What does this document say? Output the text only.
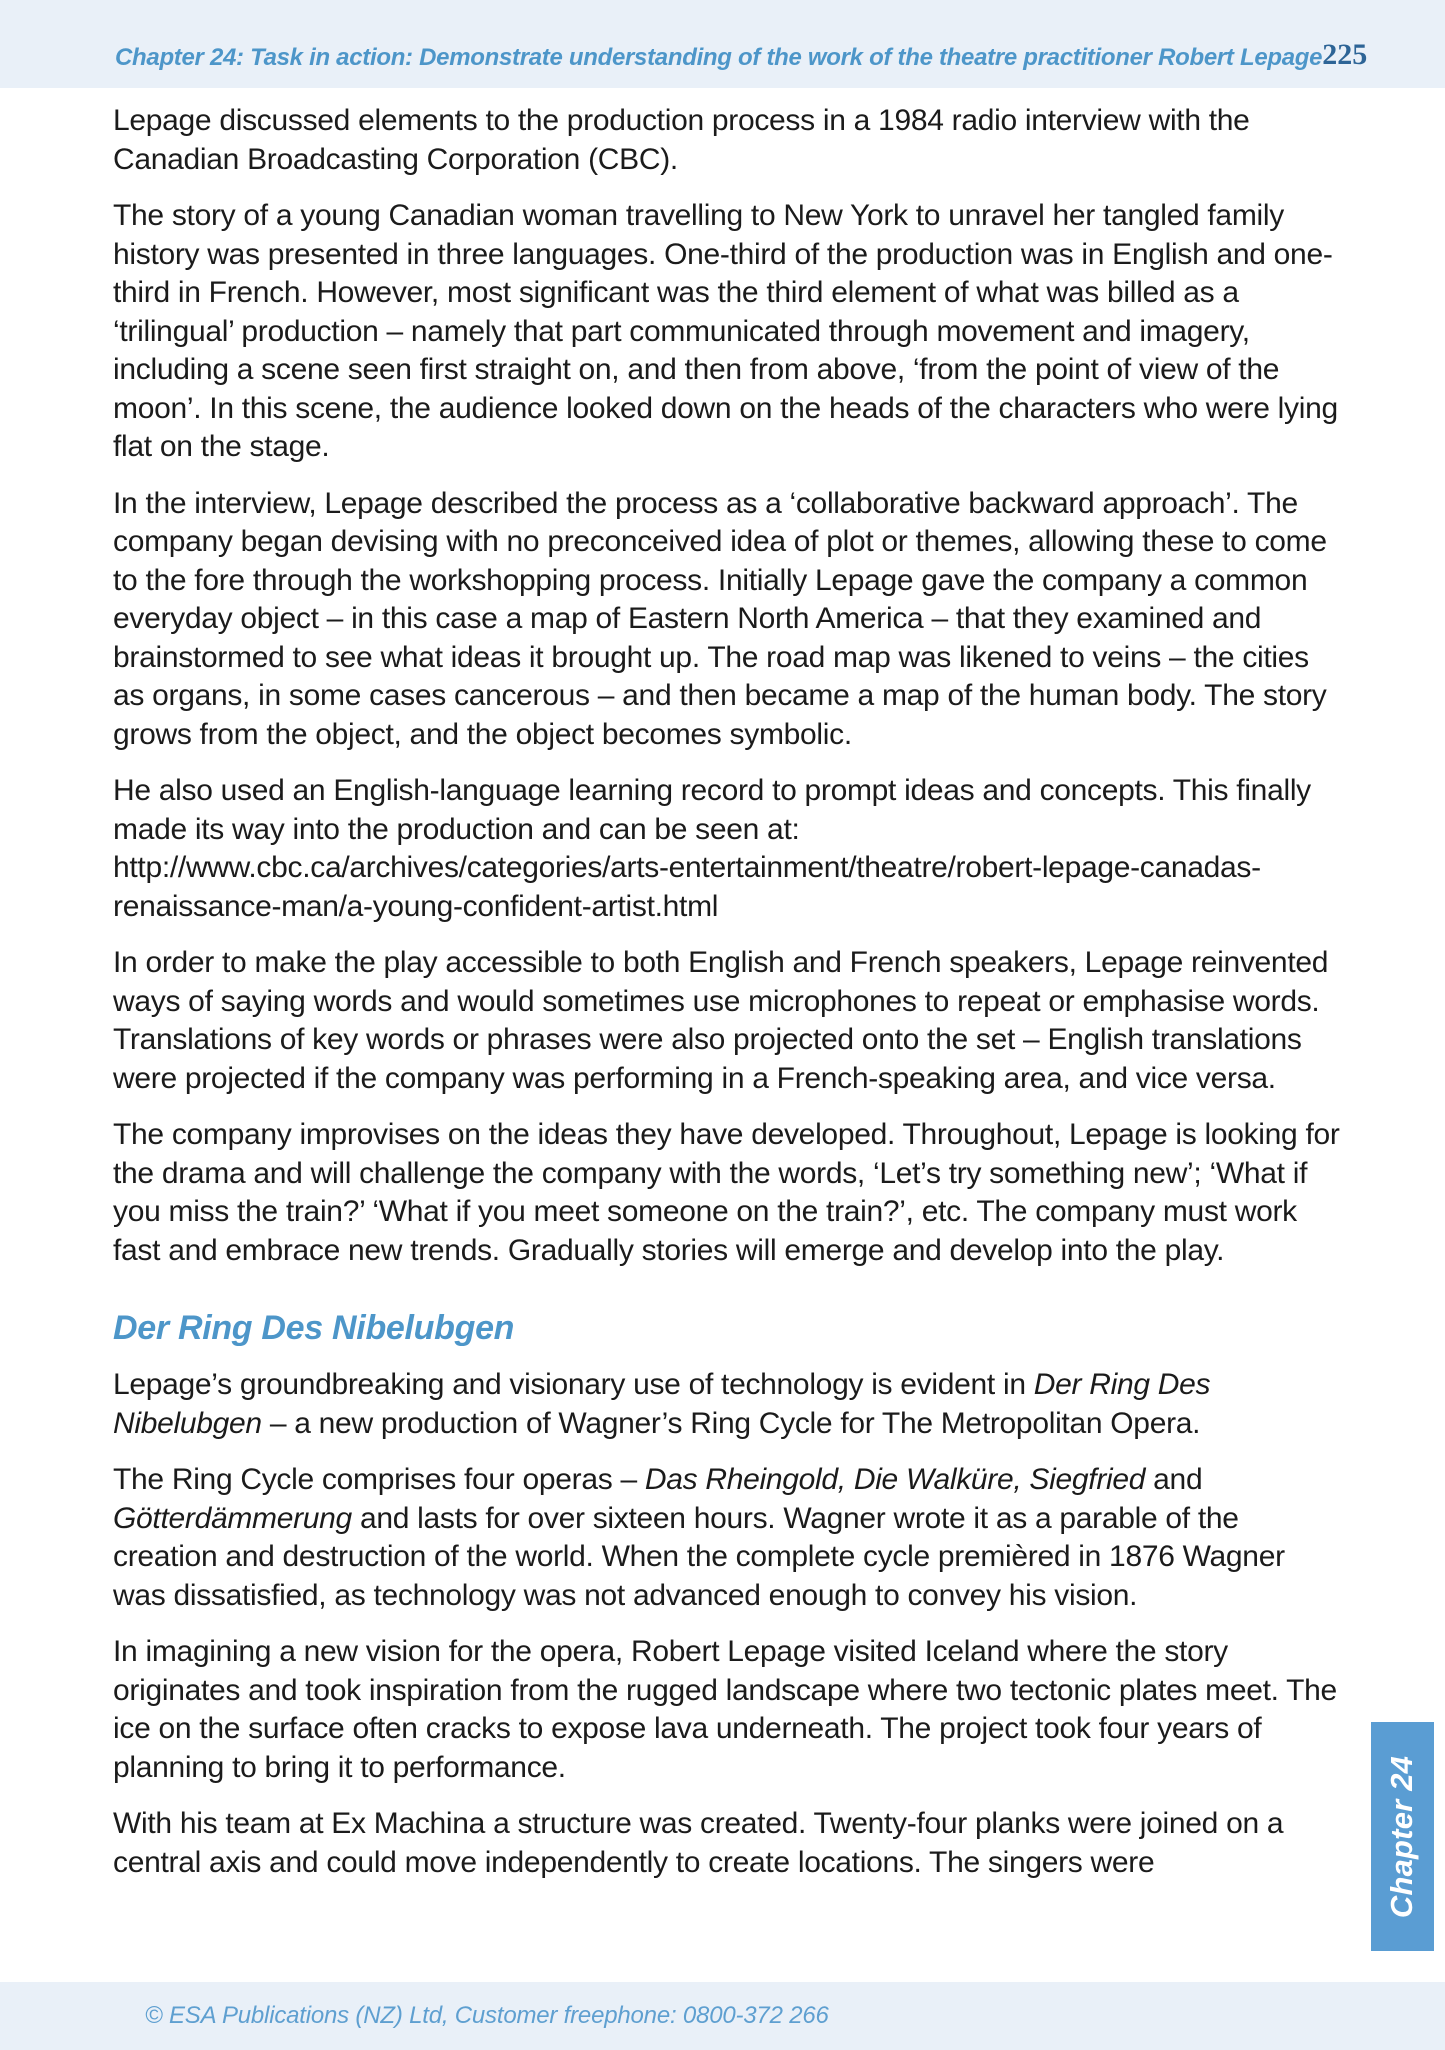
Chapter 24: Task in action: Demonstrate understanding of the work of the theatre practitioner Robert Lepage 225

Lepage discussed elements to the production process in a 1984 radio interview with the Canadian Broadcasting Corporation (CBC).

The story of a young Canadian woman travelling to New York to unravel her tangled family history was presented in three languages. One-third of the production was in English and one-third in French. However, most significant was the third element of what was billed as a ‘trilingual’ production – namely that part communicated through movement and imagery, including a scene seen first straight on, and then from above, ‘from the point of view of the moon’. In this scene, the audience looked down on the heads of the characters who were lying flat on the stage.

In the interview, Lepage described the process as a ‘collaborative backward approach’. The company began devising with no preconceived idea of plot or themes, allowing these to come to the fore through the workshopping process. Initially Lepage gave the company a common everyday object – in this case a map of Eastern North America – that they examined and brainstormed to see what ideas it brought up. The road map was likened to veins – the cities as organs, in some cases cancerous – and then became a map of the human body. The story grows from the object, and the object becomes symbolic.

He also used an English-language learning record to prompt ideas and concepts. This finally made its way into the production and can be seen at: http://www.cbc.ca/archives/categories/arts-entertainment/theatre/robert-lepage-canadas-renaissance-man/a-young-confident-artist.html

In order to make the play accessible to both English and French speakers, Lepage reinvented ways of saying words and would sometimes use microphones to repeat or emphasise words. Translations of key words or phrases were also projected onto the set – English translations were projected if the company was performing in a French-speaking area, and vice versa.

The company improvises on the ideas they have developed. Throughout, Lepage is looking for the drama and will challenge the company with the words, ‘Let’s try something new’; ‘What if you miss the train?’ ‘What if you meet someone on the train?’, etc. The company must work fast and embrace new trends. Gradually stories will emerge and develop into the play.

Der Ring Des Nibelubgen

Lepage’s groundbreaking and visionary use of technology is evident in Der Ring Des Nibelubgen – a new production of Wagner’s Ring Cycle for The Metropolitan Opera.

The Ring Cycle comprises four operas – Das Rheingold, Die Walküre, Siegfried and Götterdämmerung and lasts for over sixteen hours. Wagner wrote it as a parable of the creation and destruction of the world. When the complete cycle premièred in 1876 Wagner was dissatisfied, as technology was not advanced enough to convey his vision.

In imagining a new vision for the opera, Robert Lepage visited Iceland where the story originates and took inspiration from the rugged landscape where two tectonic plates meet. The ice on the surface often cracks to expose lava underneath. The project took four years of planning to bring it to performance.

With his team at Ex Machina a structure was created. Twenty-four planks were joined on a central axis and could move independently to create locations. The singers were	Chapter 24
© ESA Publications (NZ) Ltd, Customer freephone: 0800-372 266
